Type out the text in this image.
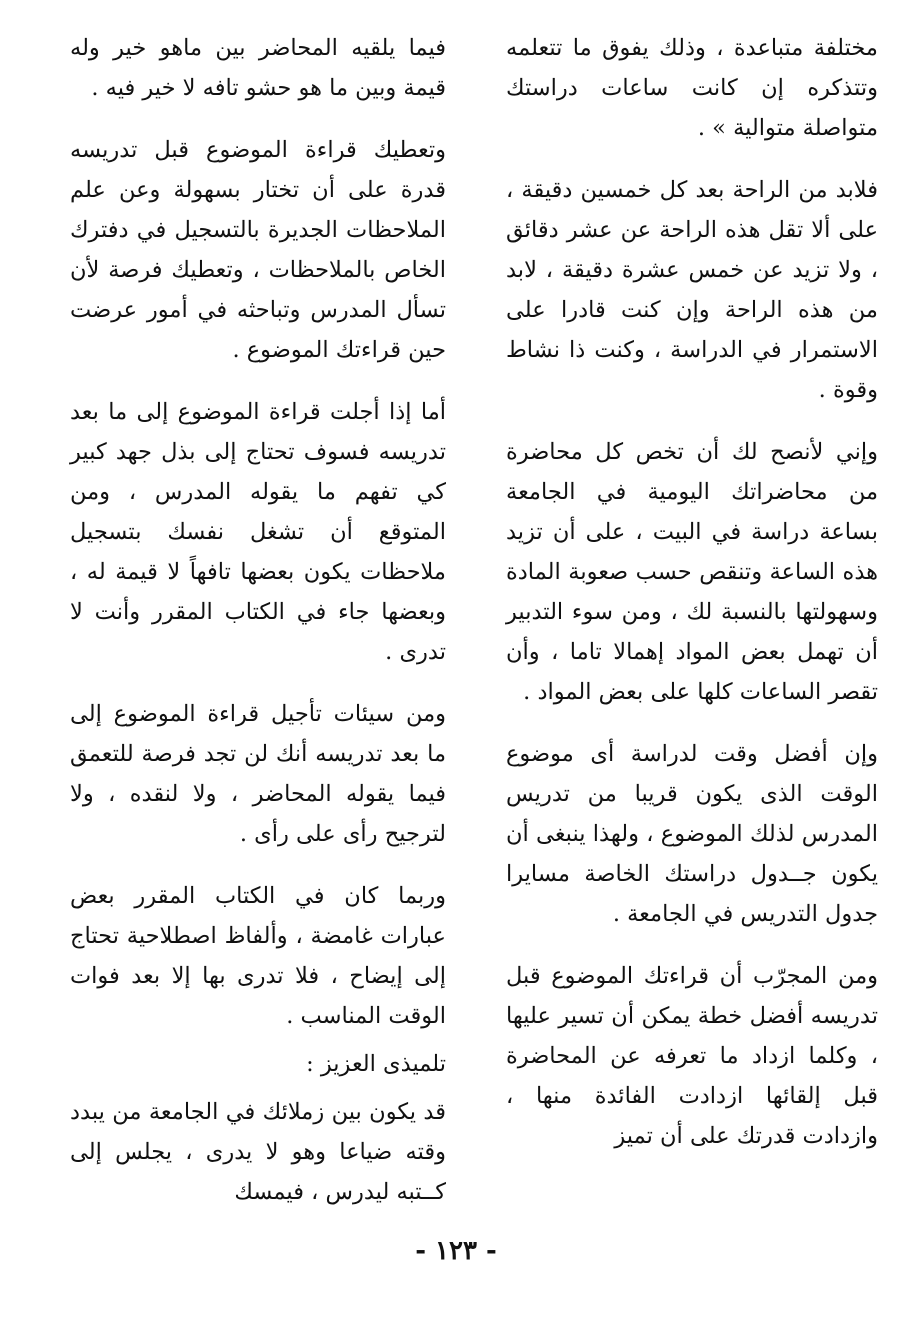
مختلفة متباعدة ، وذلك يفوق ما تتعلمه وتتذكره إن كانت ساعات دراستك متواصلة متوالية » .

فلابد من الراحة بعد كل خمسين دقيقة ، على ألا تقل هذه الراحة عن عشر دقائق ، ولا تزيد عن خمس عشرة دقيقة ، لابد من هذه الراحة وإن كنت قادرا على الاستمرار في الدراسة ، وكنت ذا نشاط وقوة .

وإني لأنصح لك أن تخص كل محاضرة من محاضراتك اليومية في الجامعة بساعة دراسة في البيت ، على أن تزيد هذه الساعة وتنقص حسب صعوبة المادة وسهولتها بالنسبة لك ، ومن سوء التدبير أن تهمل بعض المواد إهمالا تاما ، وأن تقصر الساعات كلها على بعض المواد .

وإن أفضل وقت لدراسة أى موضوع الوقت الذى يكون قريبا من تدريس المدرس لذلك الموضوع ، ولهذا ينبغى أن يكون جــدول دراستك الخاصة مسايرا جدول التدريس في الجامعة .

ومن المجرّب أن قراءتك الموضوع قبل تدريسه أفضل خطة يمكن أن تسير عليها ، وكلما ازداد ما تعرفه عن المحاضرة قبل إلقائها ازدادت الفائدة منها ، وازدادت قدرتك على أن تميز

فيما يلقيه المحاضر بين ماهو خير وله قيمة وبين ما هو حشو تافه لا خير فيه .

وتعطيك قراءة الموضوع قبل تدريسه قدرة على أن تختار بسهولة وعن علم الملاحظات الجديرة بالتسجيل في دفترك الخاص بالملاحظات ، وتعطيك فرصة لأن تسأل المدرس وتباحثه في أمور عرضت حين قراءتك الموضوع .

أما إذا أجلت قراءة الموضوع إلى ما بعد تدريسه فسوف تحتاج إلى بذل جهد كبير كي تفهم ما يقوله المدرس ، ومن المتوقع أن تشغل نفسك بتسجيل ملاحظات يكون بعضها تافهاً لا قيمة له ، وبعضها جاء في الكتاب المقرر وأنت لا تدرى .

ومن سيئات تأجيل قراءة الموضوع إلى ما بعد تدريسه أنك لن تجد فرصة للتعمق فيما يقوله المحاضر ، ولا لنقده ، ولا لترجيح رأى على رأى .

وربما كان في الكتاب المقرر بعض عبارات غامضة ، وألفاظ اصطلاحية تحتاج إلى إيضاح ، فلا تدرى بها إلا بعد فوات الوقت المناسب .

تلميذى العزيز :

قد يكون بين زملائك في الجامعة من يبدد وقته ضياعا وهو لا يدرى ، يجلس إلى كــتبه ليدرس ، فيمسك

- ١٢٣ -
